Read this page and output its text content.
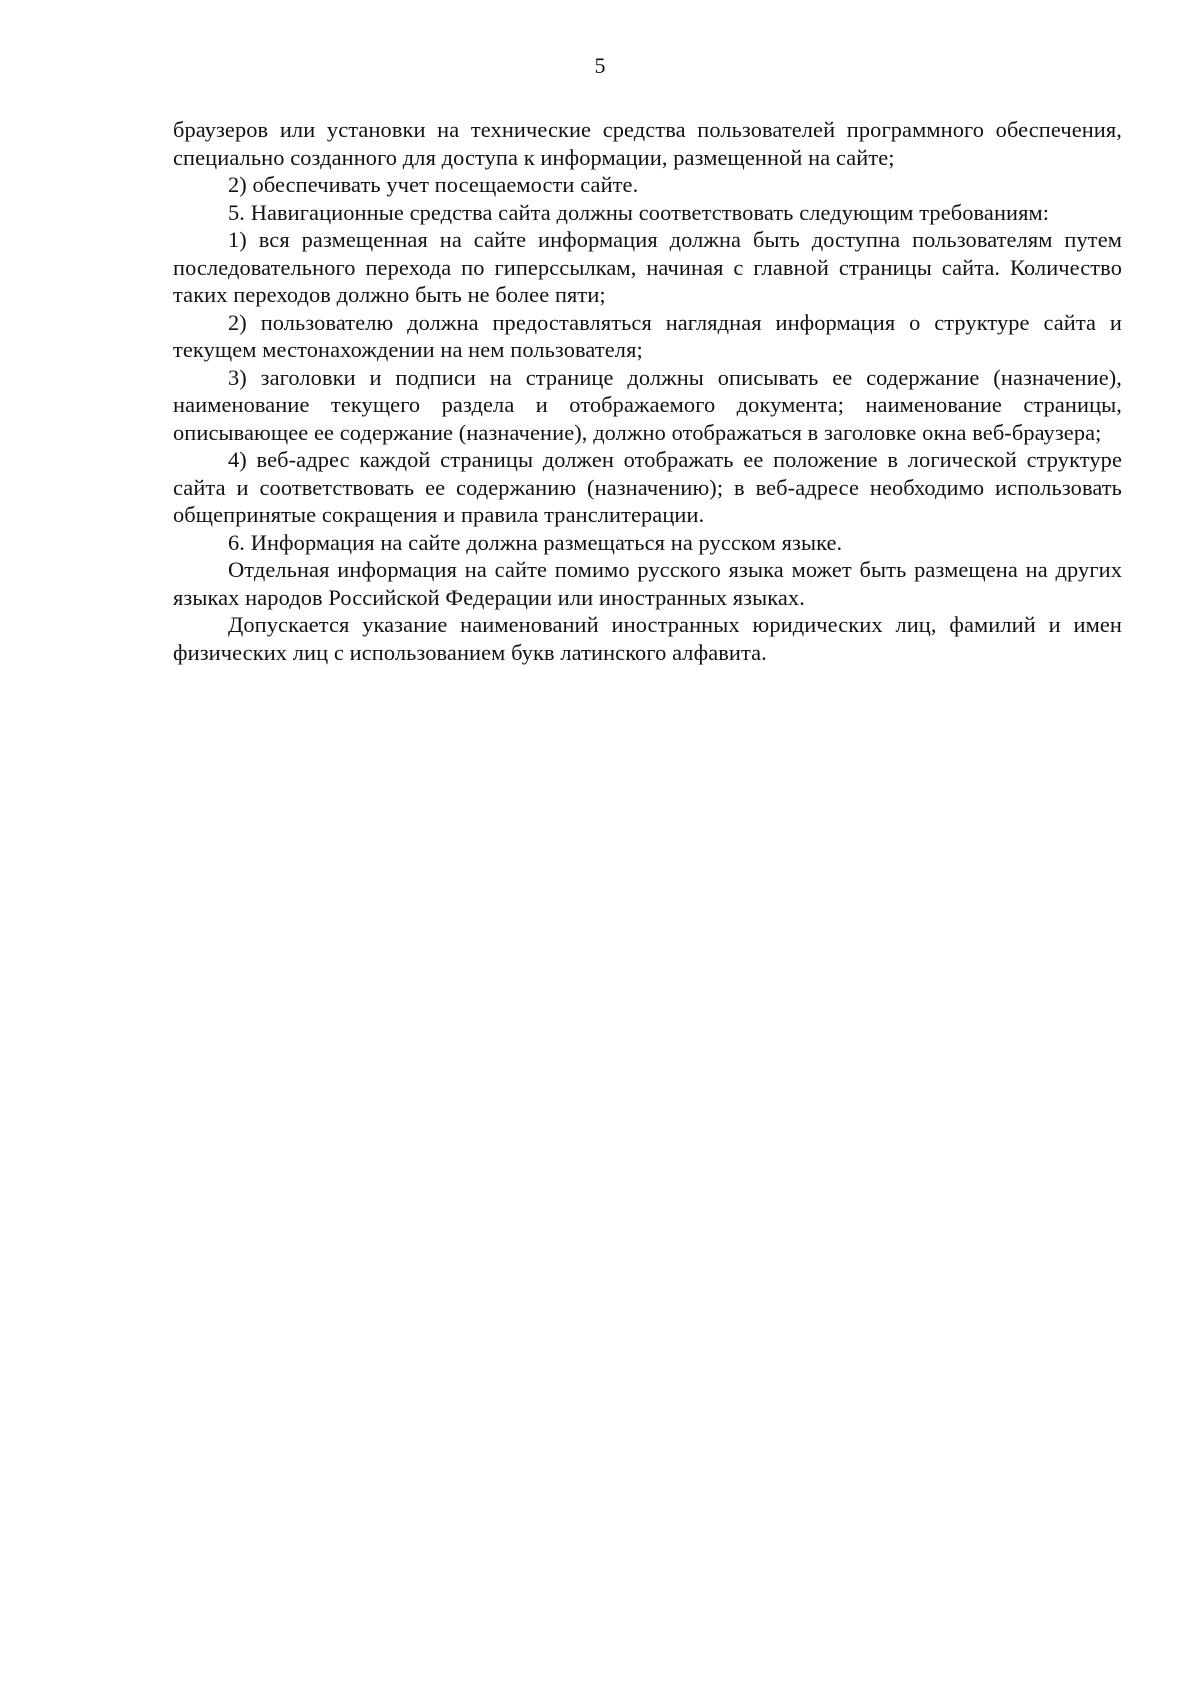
5

браузеров или установки на технические средства пользователей программного обеспечения, специально созданного для доступа к информации, размещенной на сайте;

2) обеспечивать учет посещаемости сайте.

5. Навигационные средства сайта должны соответствовать следующим требованиям:

1) вся размещенная на сайте информация должна быть доступна пользователям путем последовательного перехода по гиперссылкам, начиная с главной страницы сайта. Количество таких переходов должно быть не более пяти;

2) пользователю должна предоставляться наглядная информация о структуре сайта и текущем местонахождении на нем пользователя;

3) заголовки и подписи на странице должны описывать ее содержание (назначение), наименование текущего раздела и отображаемого документа; наименование страницы, описывающее ее содержание (назначение), должно отображаться в заголовке окна веб-браузера;

4) веб-адрес каждой страницы должен отображать ее положение в логической структуре сайта и соответствовать ее содержанию (назначению); в веб-адресе необходимо использовать общепринятые сокращения и правила транслитерации.

6. Информация на сайте должна размещаться на русском языке.

Отдельная информация на сайте помимо русского языка может быть размещена на других языках народов Российской Федерации или иностранных языках.

Допускается указание наименований иностранных юридических лиц, фамилий и имен физических лиц с использованием букв латинского алфавита.
